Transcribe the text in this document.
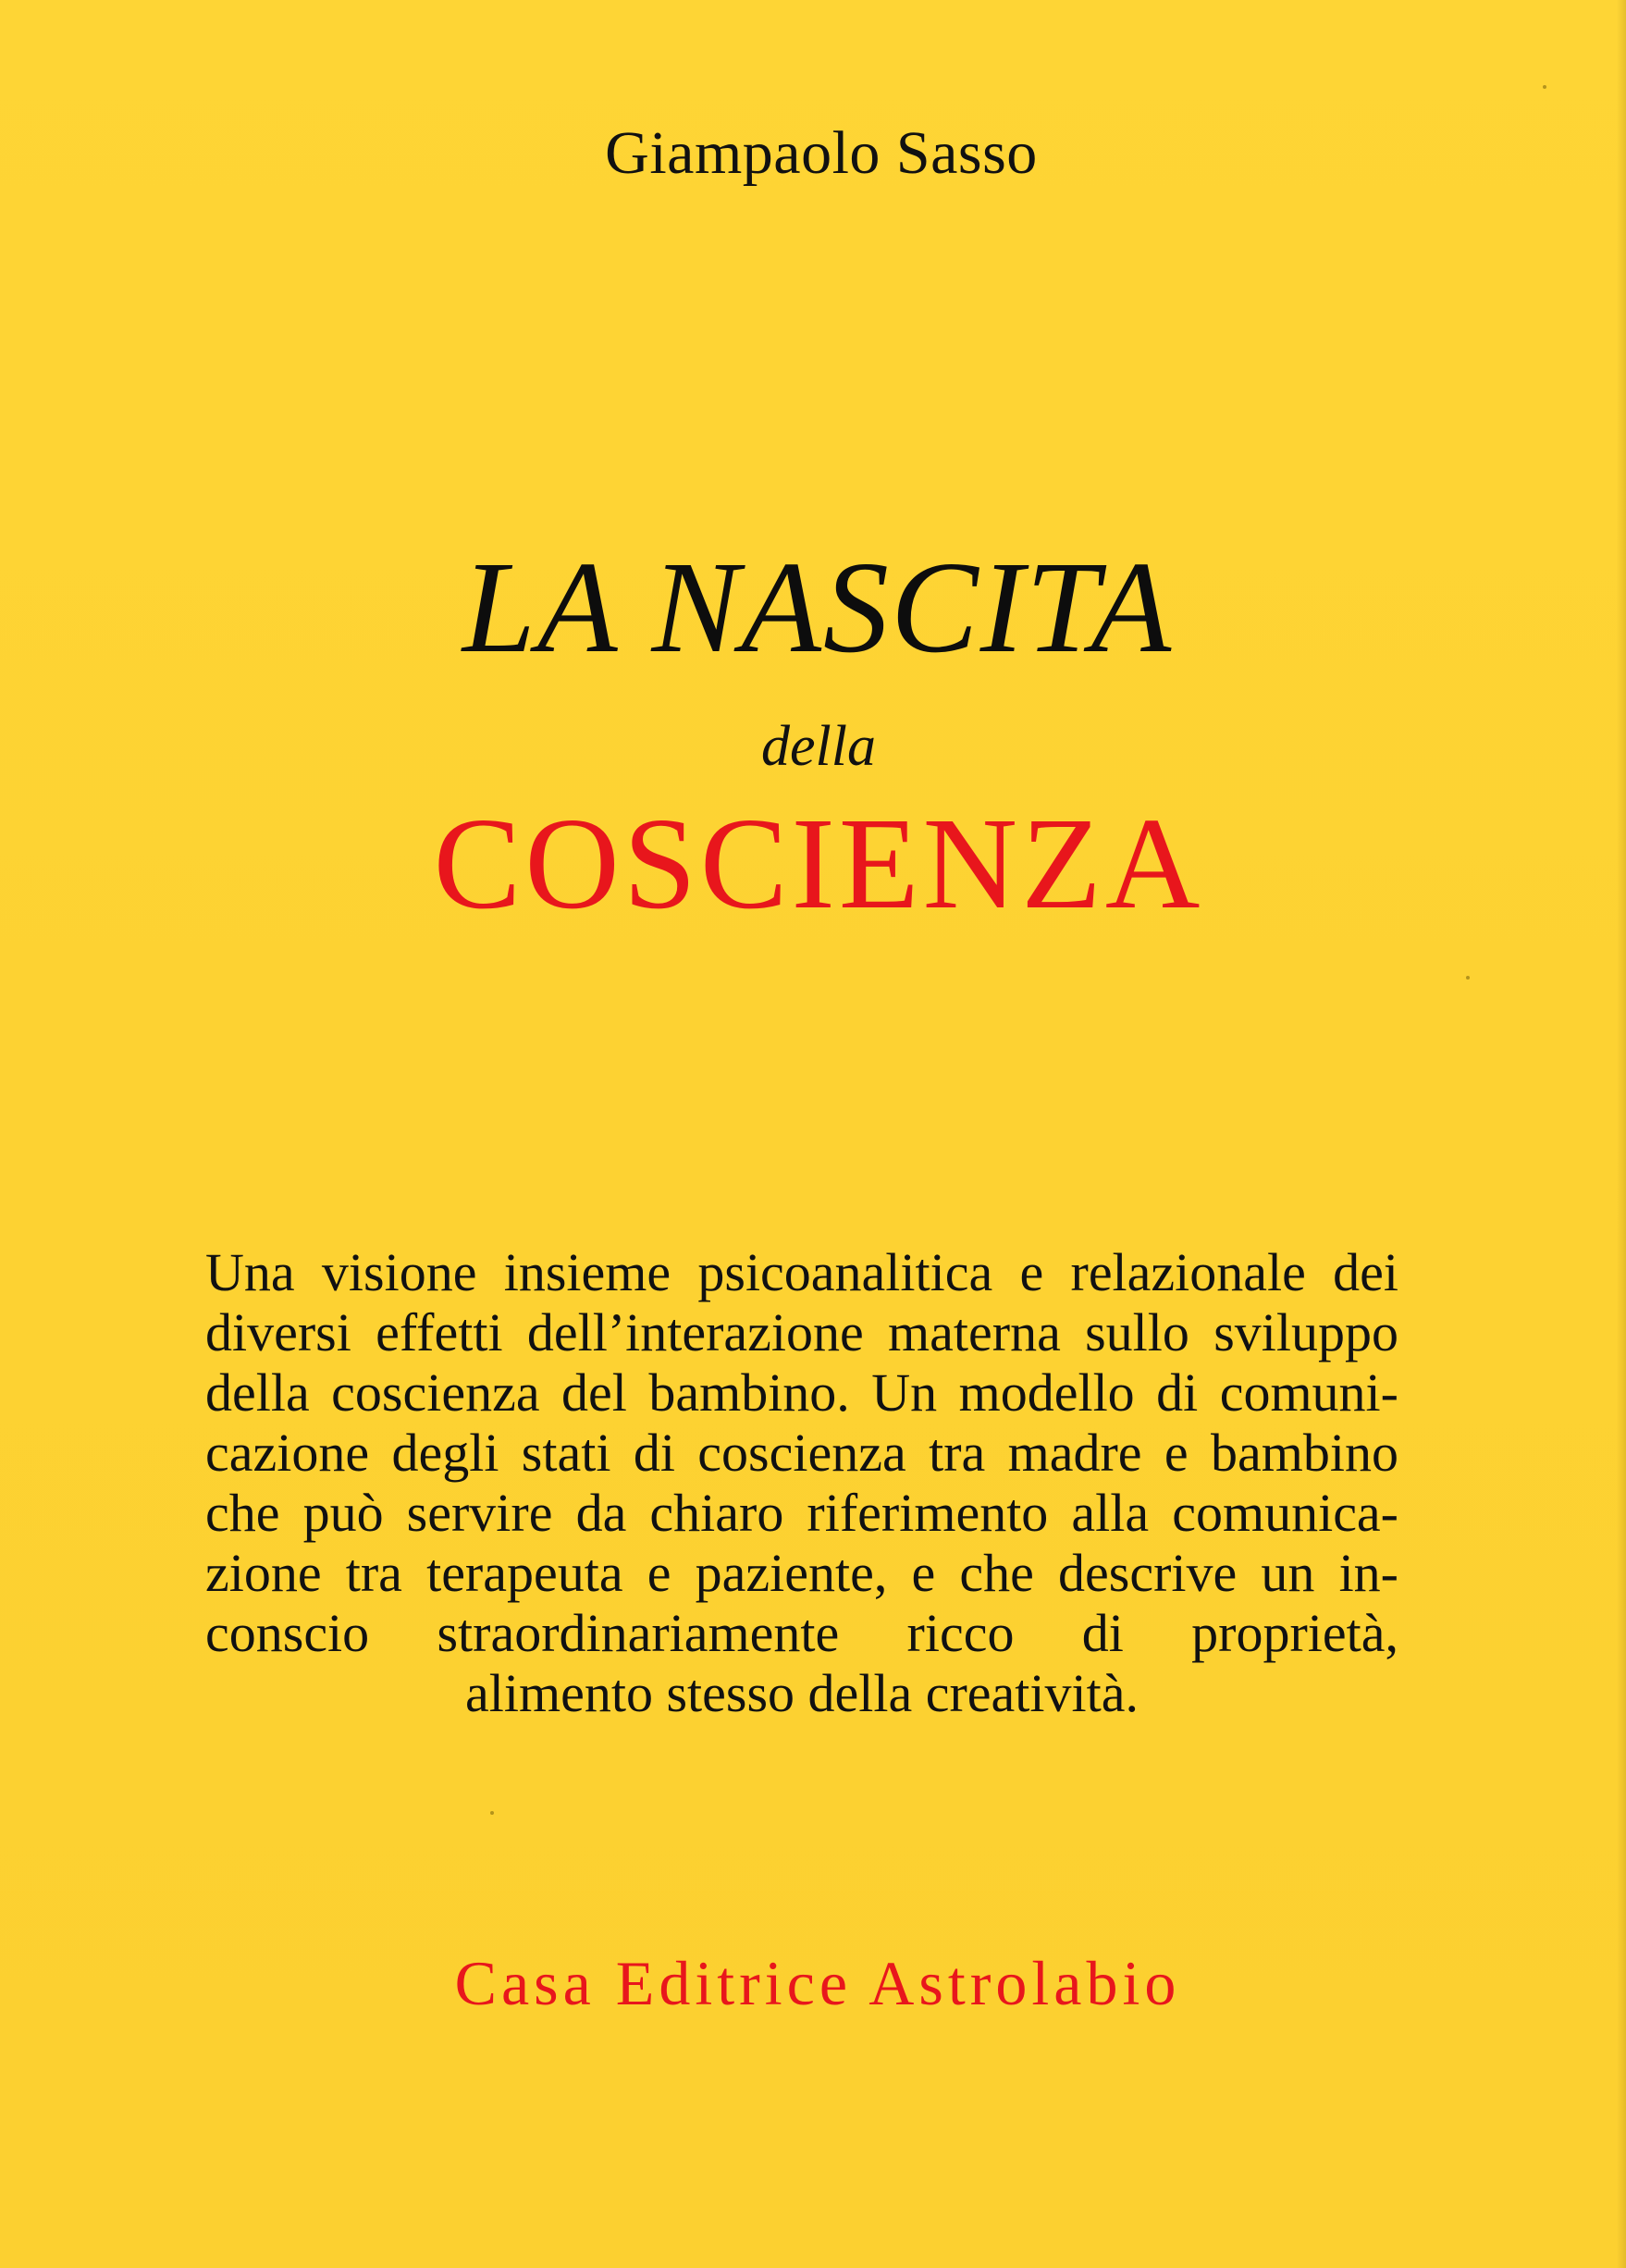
Giampaolo Sasso
LA NASCITA
della
COSCIENZA
Una visione insieme psicoanalitica e relazionale dei
diversi effetti dell’interazione materna sullo sviluppo
della coscienza del bambino. Un modello di comuni-
cazione degli stati di coscienza tra madre e bambino
che può servire da chiaro riferimento alla comunica-
zione tra terapeuta e paziente, e che descrive un in-
conscio straordinariamente ricco di proprietà,
alimento stesso della creatività.
Casa Editrice Astrolabio
